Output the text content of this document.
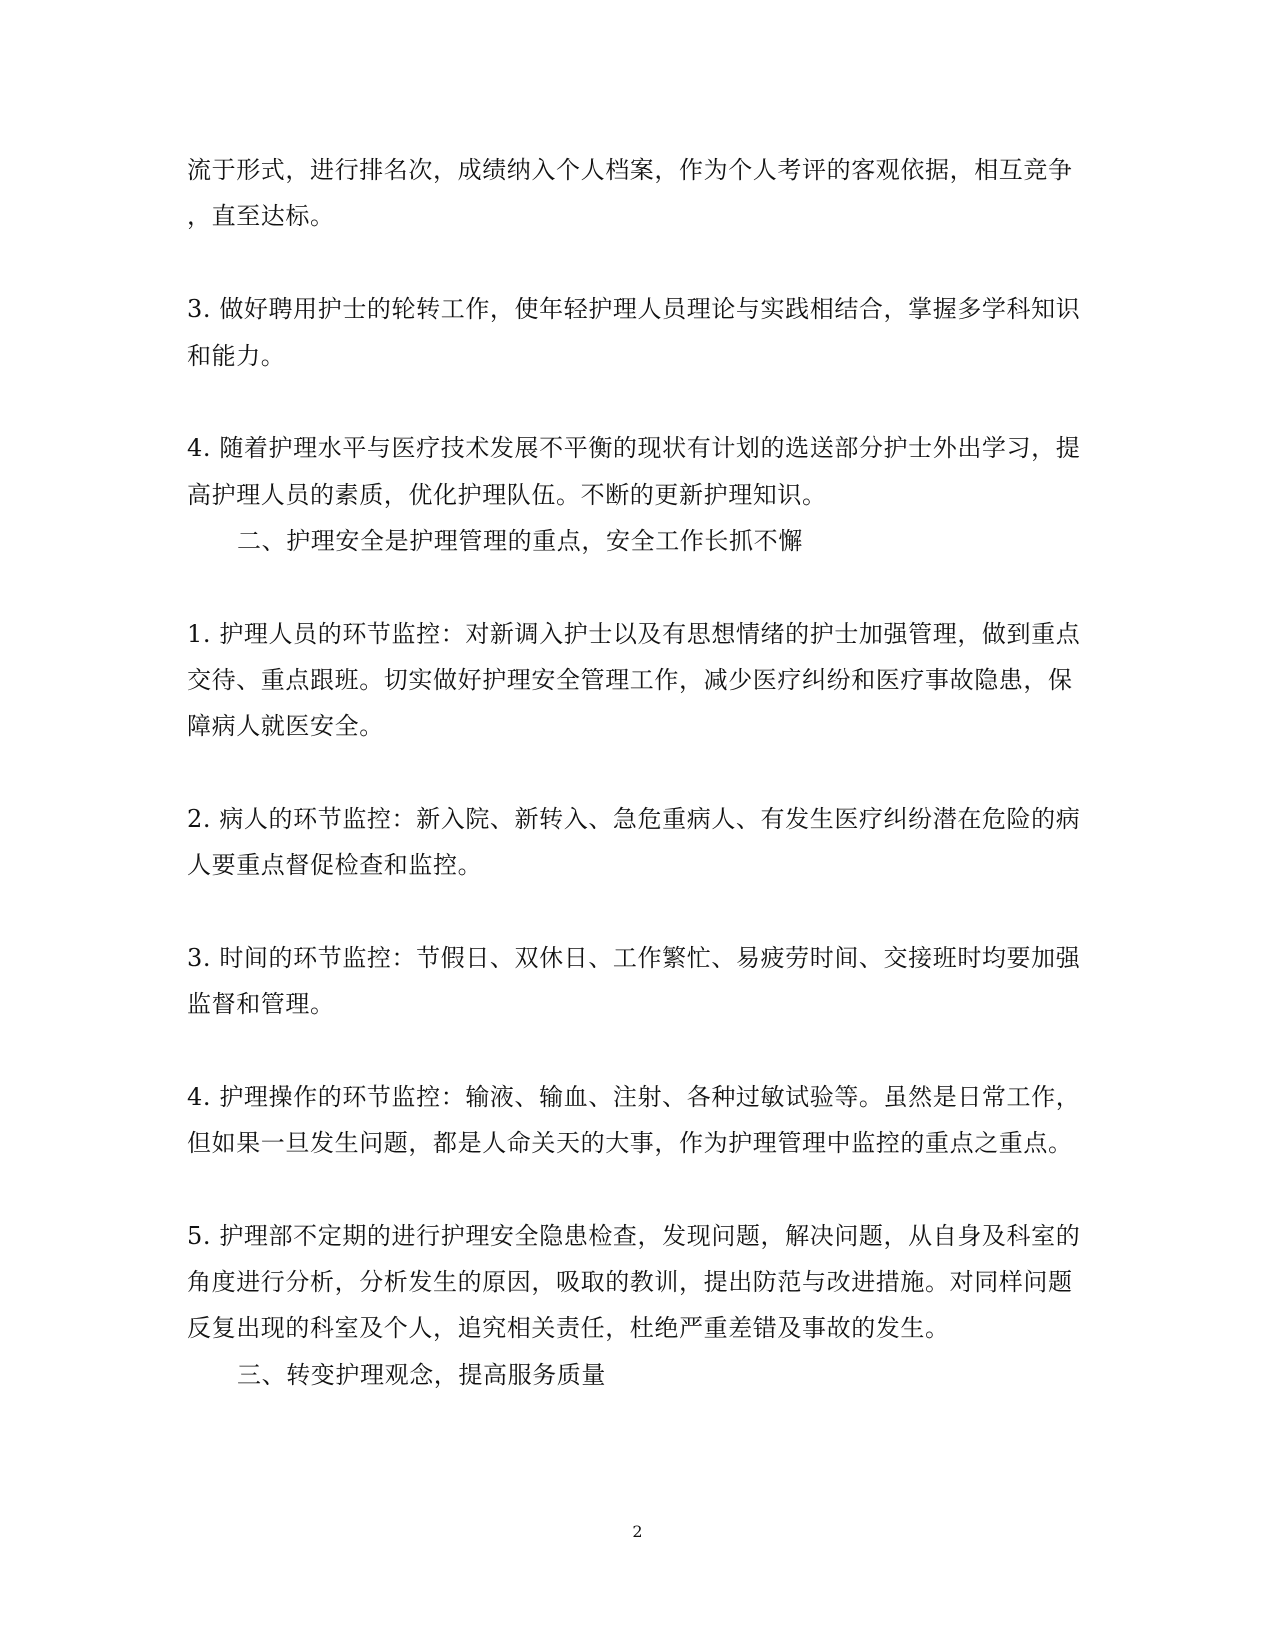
流于形式，进行排名次，成绩纳入个人档案，作为个人考评的客观依据，相互竞争
，直至达标。
3. 做好聘用护士的轮转工作，使年轻护理人员理论与实践相结合，掌握多学科知识
和能力。
4. 随着护理水平与医疗技术发展不平衡的现状有计划的选送部分护士外出学习，提
高护理人员的素质，优化护理队伍。不断的更新护理知识。
二、护理安全是护理管理的重点，安全工作长抓不懈
1. 护理人员的环节监控：对新调入护士以及有思想情绪的护士加强管理，做到重点
交待、重点跟班。切实做好护理安全管理工作，减少医疗纠纷和医疗事故隐患，保
障病人就医安全。
2. 病人的环节监控：新入院、新转入、急危重病人、有发生医疗纠纷潜在危险的病
人要重点督促检查和监控。
3. 时间的环节监控：节假日、双休日、工作繁忙、易疲劳时间、交接班时均要加强
监督和管理。
4. 护理操作的环节监控：输液、输血、注射、各种过敏试验等。虽然是日常工作，
但如果一旦发生问题，都是人命关天的大事，作为护理管理中监控的重点之重点。
5. 护理部不定期的进行护理安全隐患检查，发现问题，解决问题，从自身及科室的
角度进行分析，分析发生的原因，吸取的教训，提出防范与改进措施。对同样问题
反复出现的科室及个人，追究相关责任，杜绝严重差错及事故的发生。
三、转变护理观念，提高服务质量
2
